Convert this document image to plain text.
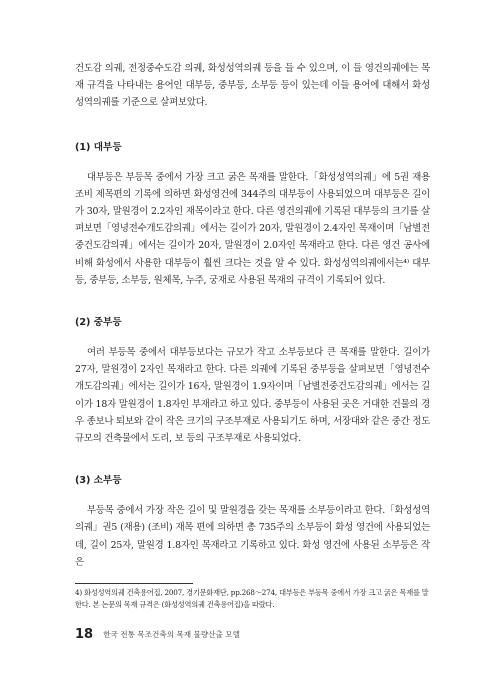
건도감 의궤, 전정중수도감 의궤, 화성성역의궤 등을 들 수 있으며, 이 들 영건의궤에는 목재 규격을 나타내는 용어인 대부등, 중부등, 소부등 등이 있는데 이들 용어에 대해서 화성성역의궤를 기준으로 살펴보았다.

(1) 대부등

대부등은 부등목 중에서 가장 크고 굵은 목재를 말한다.「화성성역의궤」에 5권 재용 조비 제목편의 기록에 의하면 화성영건에 344주의 대부등이 사용되었으며 대부등은 길이가 30자, 말원경이 2.2자인 재목이라고 한다. 다른 영건의궤에 기록된 대부등의 크기를 살펴보면「영녕전수개도감의궤」에서는 길이가 20자, 말원경이 2.4자인 목재이며「남별전중건도감의궤」에서는 길이가 20자, 말원경이 2.0자인 목재라고 한다. 다른 영건 공사에 비해 화성에서 사용한 대부등이 훨씬 크다는 것을 알 수 있다. 화성성역의궤에서는⁴⁾ 대부등, 중부등, 소부등, 원체목, 누주, 궁재로 사용된 목재의 규격이 기록되어 있다.

(2) 중부등

여러 부등목 중에서 대부등보다는 규모가 작고 소부등보다 큰 목재를 말한다. 길이가 27자, 말원경이 2자인 목재라고 한다. 다른 의궤에 기록된 중부등을 살펴보면「영녕전수개도감의궤」에서는 길이가 16자, 말원경이 1.9자이며「남별전중건도감의궤」에서는 길이가 18자 말원경이 1.8자인 부재라고 하고 있다. 중부등이 사용된 곳은 거대한 건물의 경우 종보나 퇴보와 같이 작은 크기의 구조부재로 사용되기도 하며, 서장대와 같은 중간 정도 규모의 건축물에서 도리, 보 등의 구조부재로 사용되었다.

(3) 소부등

부등목 중에서 가장 작은 길이 및 말원경을 갖는 목재를 소부등이라고 한다.「화성성역의궤」권5 (재용) (조비) 재목 편에 의하면 총 735주의 소부등이 화성 영건에 사용되었는데, 길이 25자, 말원경 1.8자인 목재라고 기록하고 있다. 화성 영건에 사용된 소부등은 작은

4) 화성성역의궤 건축용어집, 2007, 경기문화재단, pp.268～274, 대부등은 부등목 중에서 가장 크고 굵은 목재를 말한다. 본 논문의 목재 규격은 (화성성역의궤 건축용어집)을 따랐다.

18 한국 전통 목조건축의 목재 물량산출 모델
